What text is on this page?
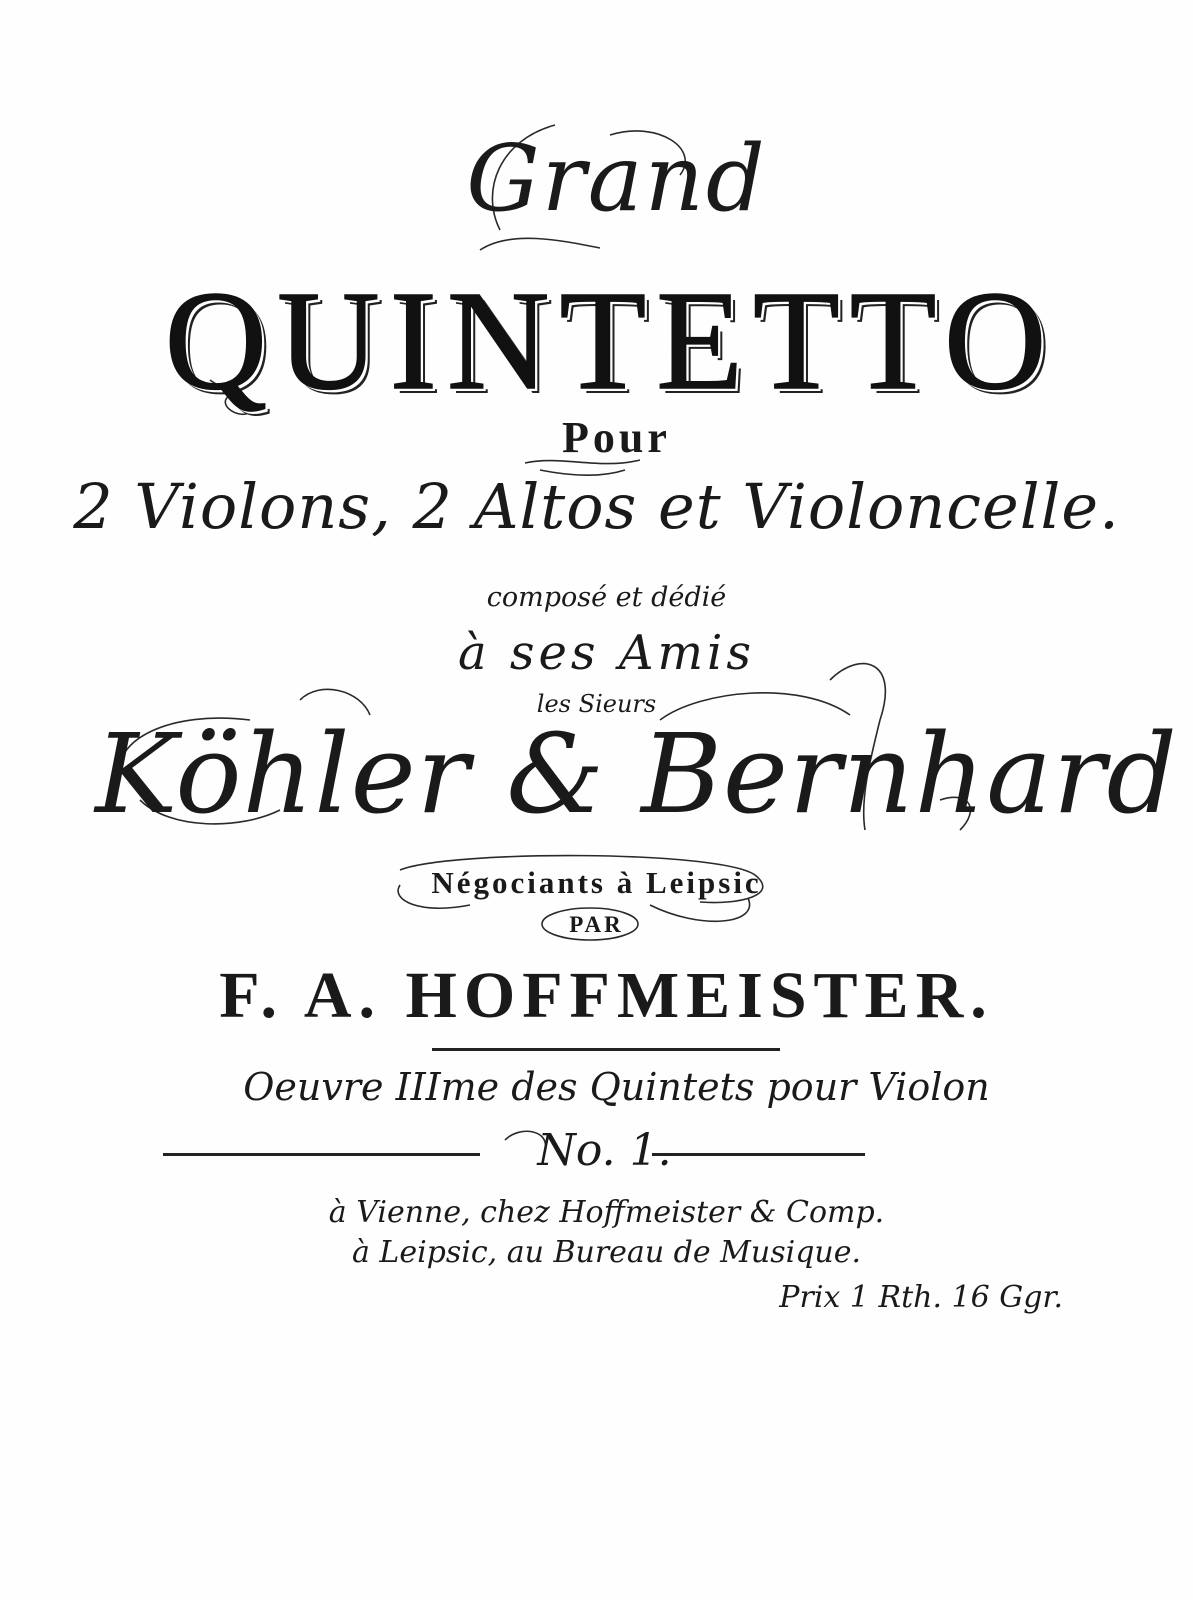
Grand
QUINTETTO
Pour
2 Violons, 2 Altos et Violoncelle.
composé et dédié
à ses Amis
les Sieurs
Köhler & Bernhard
Négociants à Leipsic
PAR
F. A. HOFFMEISTER.
Oeuvre IIIme des Quintets pour Violon
No. 1.
à Vienne, chez Hoffmeister & Comp.
à Leipsic, au Bureau de Musique.
Prix 1 Rth. 16 Ggr.
